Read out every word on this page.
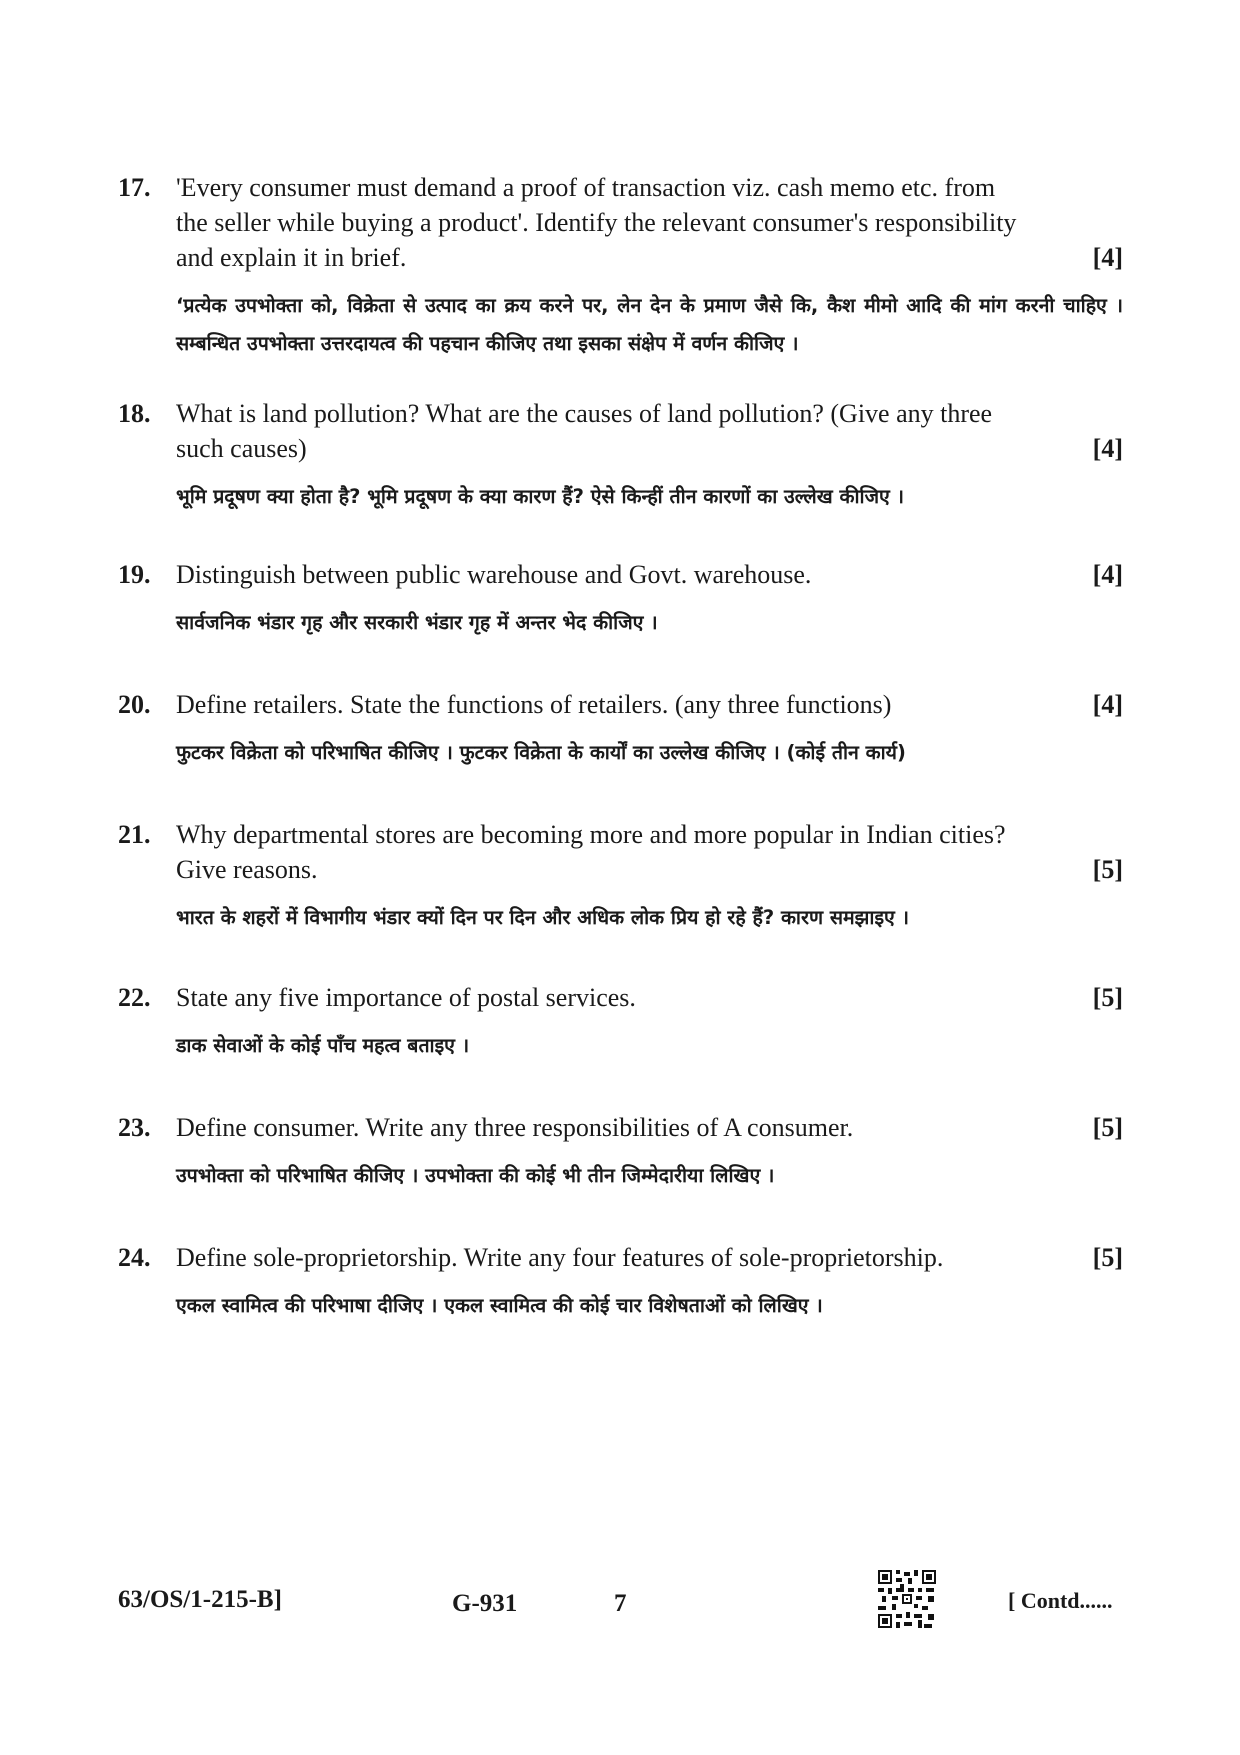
17. 'Every consumer must demand a proof of transaction viz. cash memo etc. from
the seller while buying a product'. Identify the relevant consumer's responsibility
and explain it in brief.	[4]
‘प्रत्येक उपभोक्ता को, विक्रेता से उत्पाद का क्रय करने पर, लेन देन के प्रमाण जैसे कि, कैश मीमो आदि की मांग करनी चाहिए । सम्बन्धित उपभोक्ता उत्तरदायत्व की पहचान कीजिए तथा इसका संक्षेप में वर्णन कीजिए ।
18. What is land pollution? What are the causes of land pollution? (Give any three
such causes)	[4]
भूमि प्रदूषण क्या होता है? भूमि प्रदूषण के क्या कारण हैं? ऐसे किन्हीं तीन कारणों का उल्लेख कीजिए ।
19. Distinguish between public warehouse and Govt. warehouse.	[4]
सार्वजनिक भंडार गृह और सरकारी भंडार गृह में अन्तर भेद कीजिए ।
20. Define retailers. State the functions of retailers. (any three functions)	[4]
फुटकर विक्रेता को परिभाषित कीजिए । फुटकर विक्रेता के कार्यों का उल्लेख कीजिए । (कोई तीन कार्य)
21. Why departmental stores are becoming more and more popular in Indian cities?
Give reasons.	[5]
भारत के शहरों में विभागीय भंडार क्यों दिन पर दिन और अधिक लोक प्रिय हो रहे हैं? कारण समझाइए ।
22. State any five importance of postal services.	[5]
डाक सेवाओं के कोई पाँच महत्व बताइए ।
23. Define consumer. Write any three responsibilities of A consumer.	[5]
उपभोक्ता को परिभाषित कीजिए । उपभोक्ता की कोई भी तीन जिम्मेदारीया लिखिए ।
24. Define sole-proprietorship. Write any four features of sole-proprietorship.	[5]
एकल स्वामित्व की परिभाषा दीजिए । एकल स्वामित्व की कोई चार विशेषताओं को लिखिए ।
63/OS/1-215-B]	G-931	7	[ Contd......
